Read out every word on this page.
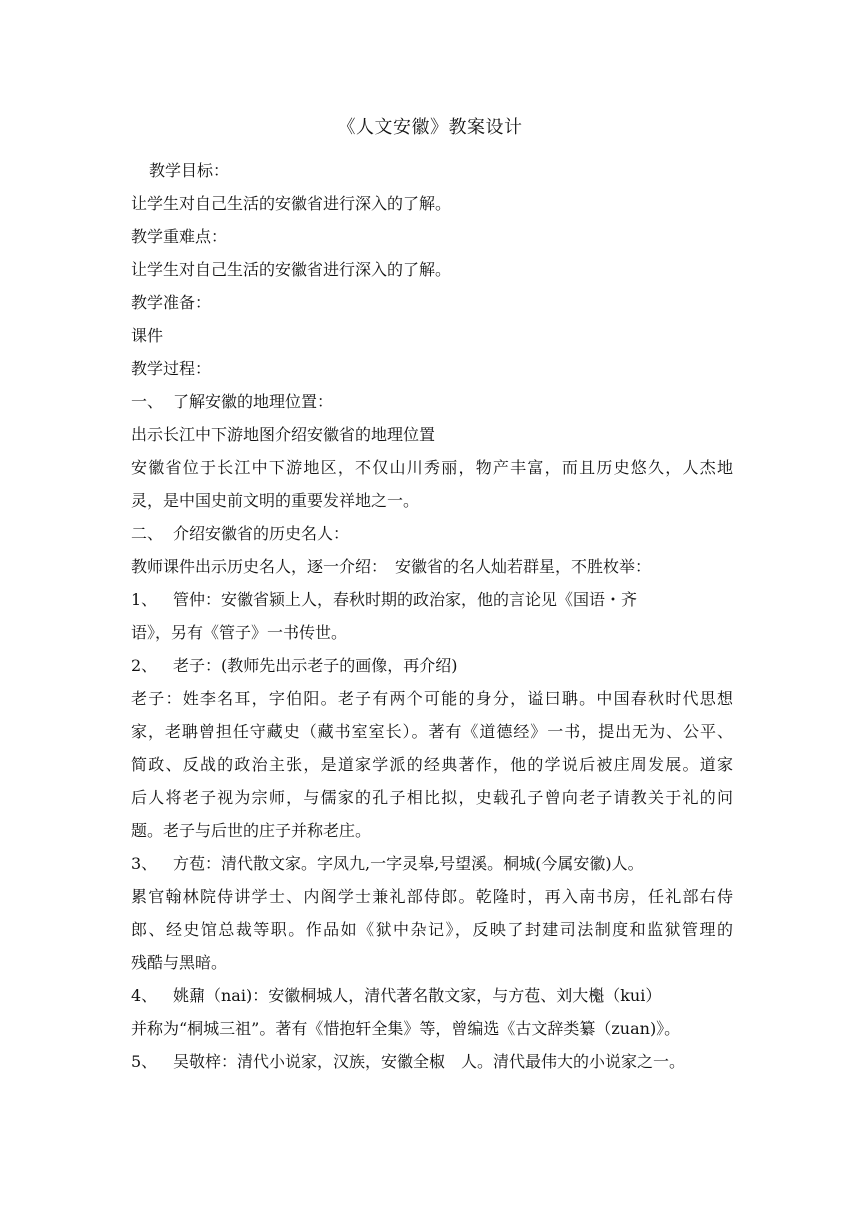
《人文安徽》教案设计
教学目标：
让学生对自己生活的安徽省进行深入的了解。
教学重难点：
让学生对自己生活的安徽省进行深入的了解。
教学准备：
课件
教学过程：
一、 了解安徽的地理位置：
出示长江中下游地图介绍安徽省的地理位置
安徽省位于长江中下游地区，不仅山川秀丽，物产丰富，而且历史悠久，人杰地
灵，是中国史前文明的重要发祥地之一。
二、 介绍安徽省的历史名人：
教师课件出示历史名人，逐一介绍：　安徽省的名人灿若群星，不胜枚举：
1、 管仲：安徽省颍上人，春秋时期的政治家，他的言论见《国语・齐
语》，另有《管子》一书传世。
2、 老子：(教师先出示老子的画像，再介绍)
老子：姓李名耳，字伯阳。老子有两个可能的身分，谥曰聃。中国春秋时代思想
家，老聃曾担任守藏史（藏书室室长）。著有《道德经》一书，提出无为、公平、
简政、反战的政治主张，是道家学派的经典著作，他的学说后被庄周发展。道家
后人将老子视为宗师，与儒家的孔子相比拟，史载孔子曾向老子请教关于礼的问
题。老子与后世的庄子并称老庄。
3、 方苞：清代散文家。字凤九,一字灵皋,号望溪。桐城(今属安徽)人。
累官翰林院侍讲学士、内阁学士兼礼部侍郎。乾隆时，再入南书房，任礼部右侍
郎、经史馆总裁等职。作品如《狱中杂记》，反映了封建司法制度和监狱管理的
残酷与黑暗。
4、 姚鼐（nai)：安徽桐城人，清代著名散文家，与方苞、刘大櫆（kui）
并称为“桐城三祖”。著有《惜抱轩全集》等，曾编选《古文辞类纂（zuan)》。
5、 吴敬梓：清代小说家，汉族，安徽全椒　人。清代最伟大的小说家之一。
